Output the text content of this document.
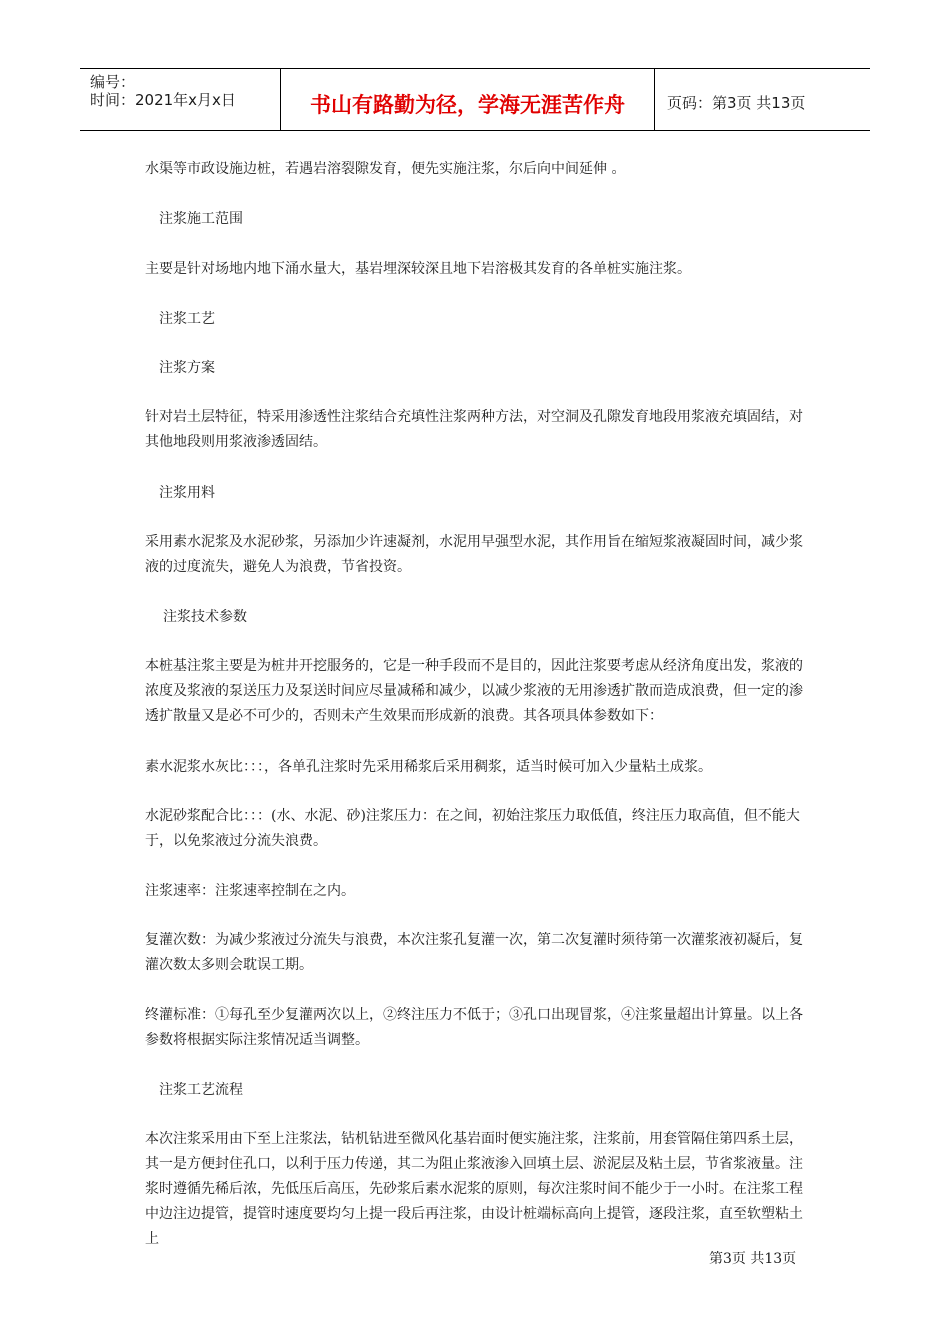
编号：
时间：2021年x月x日	书山有路勤为径，学海无涯苦作舟	页码：第3页 共13页

水渠等市政设施边桩，若遇岩溶裂隙发育，便先实施注浆，尔后向中间延伸 。

注浆施工范围

主要是针对场地内地下涌水量大，基岩埋深较深且地下岩溶极其发育的各单桩实施注浆。

注浆工艺

注浆方案

针对岩土层特征，特采用渗透性注浆结合充填性注浆两种方法，对空洞及孔隙发育地段用浆液充填固结，对其他地段则用浆液渗透固结。

注浆用料

采用素水泥浆及水泥砂浆，另添加少许速凝剂，水泥用早强型水泥，其作用旨在缩短浆液凝固时间，减少浆液的过度流失，避免人为浪费，节省投资。

注浆技术参数

本桩基注浆主要是为桩井开挖服务的，它是一种手段而不是目的，因此注浆要考虑从经济角度出发，浆液的浓度及浆液的泵送压力及泵送时间应尽量减稀和减少，以减少浆液的无用渗透扩散而造成浪费，但一定的渗透扩散量又是必不可少的，否则未产生效果而形成新的浪费。其各项具体参数如下：

素水泥浆水灰比：：：，各单孔注浆时先采用稀浆后采用稠浆，适当时候可加入少量粘土成浆。

水泥砂浆配合比：：：(水、水泥、砂)注浆压力：在之间，初始注浆压力取低值，终注压力取高值，但不能大于，以免浆液过分流失浪费。

注浆速率：注浆速率控制在之内。

复灌次数：为减少浆液过分流失与浪费，本次注浆孔复灌一次，第二次复灌时须待第一次灌浆液初凝后，复灌次数太多则会耽误工期。

终灌标准：①每孔至少复灌两次以上，②终注压力不低于；③孔口出现冒浆，④注浆量超出计算量。以上各参数将根据实际注浆情况适当调整。

注浆工艺流程

本次注浆采用由下至上注浆法，钻机钻进至微风化基岩面时便实施注浆，注浆前，用套管隔住第四系土层，其一是方便封住孔口，以利于压力传递，其二为阻止浆液渗入回填土层、淤泥层及粘土层，节省浆液量。注浆时遵循先稀后浓，先低压后高压，先砂浆后素水泥浆的原则，每次注浆时间不能少于一小时。在注浆工程中边注边提管，提管时速度要均匀上提一段后再注浆，由设计桩端标高向上提管，逐段注浆，直至软塑粘土上

第3页 共13页
